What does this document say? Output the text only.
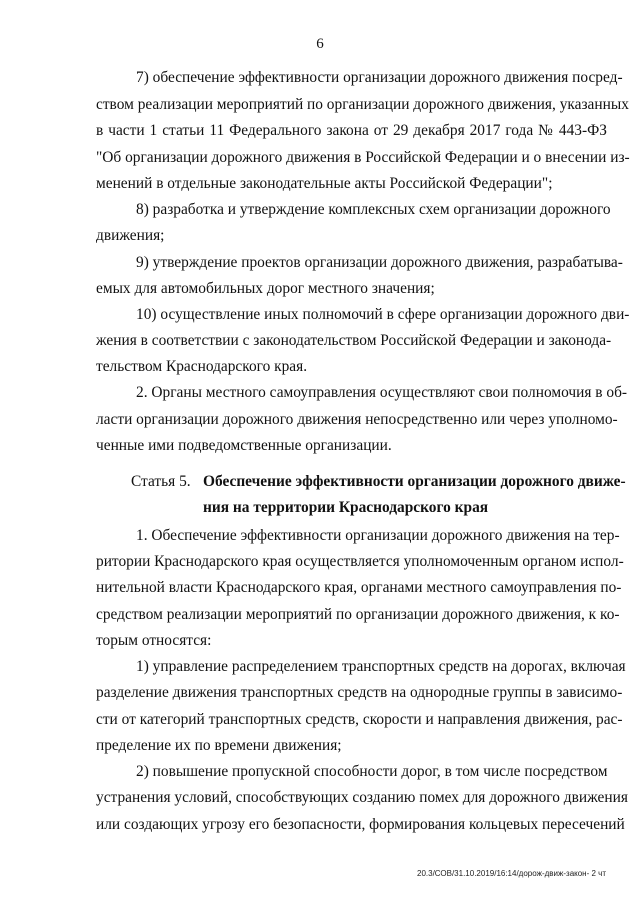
6
7) обеспечение эффективности организации дорожного движения посред-
ством реализации мероприятий по организации дорожного движения, указанных
в части 1 статьи 11 Федерального закона от 29 декабря 2017 года № 443-ФЗ
"Об организации дорожного движения в Российской Федерации и о внесении из-
менений в отдельные законодательные акты Российской Федерации";
8) разработка и утверждение комплексных схем организации дорожного
движения;
9) утверждение проектов организации дорожного движения, разрабатыва-
емых для автомобильных дорог местного значения;
10) осуществление иных полномочий в сфере организации дорожного дви-
жения в соответствии с законодательством Российской Федерации и законода-
тельством Краснодарского края.
2. Органы местного самоуправления осуществляют свои полномочия в об-
ласти организации дорожного движения непосредственно или через уполномо-
ченные ими подведомственные организации.
Статья 5. Обеспечение эффективности организации дорожного движе-
ния на территории Краснодарского края
1. Обеспечение эффективности организации дорожного движения на тер-
ритории Краснодарского края осуществляется уполномоченным органом испол-
нительной власти Краснодарского края, органами местного самоуправления по-
средством реализации мероприятий по организации дорожного движения, к ко-
торым относятся:
1) управление распределением транспортных средств на дорогах, включая
разделение движения транспортных средств на однородные группы в зависимо-
сти от категорий транспортных средств, скорости и направления движения, рас-
пределение их по времени движения;
2) повышение пропускной способности дорог, в том числе посредством
устранения условий, способствующих созданию помех для дорожного движения
или создающих угрозу его безопасности, формирования кольцевых пересечений
20.3/СОВ/31.10.2019/16:14/дорож-движ-закон- 2 чт
